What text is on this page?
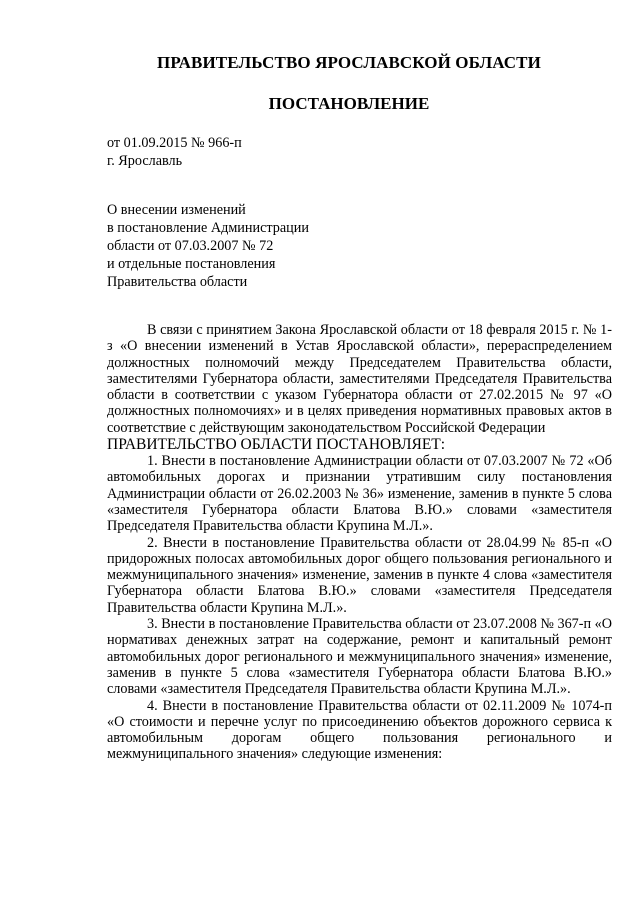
ПРАВИТЕЛЬСТВО ЯРОСЛАВСКОЙ ОБЛАСТИ
ПОСТАНОВЛЕНИЕ
от 01.09.2015 № 966-п
г. Ярославль
О внесении изменений
в постановление Администрации
области от 07.03.2007 № 72
и отдельные постановления
Правительства области

В связи с принятием Закона Ярославской области от 18 февраля 2015 г. № 1-з «О внесении изменений в Устав Ярославской области», перераспределением должностных полномочий между Председателем Правительства области, заместителями Губернатора области, заместителями Председателя Правительства области в соответствии с указом Губернатора области от 27.02.2015 № 97 «О должностных полномочиях» и в целях приведения нормативных правовых актов в соответствие с действующим законодательством Российской Федерации

ПРАВИТЕЛЬСТВО ОБЛАСТИ ПОСТАНОВЛЯЕТ:

1. Внести в постановление Администрации области от 07.03.2007 № 72 «Об автомобильных дорогах и признании утратившим силу постановления Администрации области от 26.02.2003 № 36» изменение, заменив в пункте 5 слова «заместителя Губернатора области Блатова В.Ю.» словами «заместителя Председателя Правительства области Крупина М.Л.».

2. Внести в постановление Правительства области от 28.04.99 № 85-п «О придорожных полосах автомобильных дорог общего пользования регионального и межмуниципального значения» изменение, заменив в пункте 4 слова «заместителя Губернатора области Блатова В.Ю.» словами «заместителя Председателя Правительства области Крупина М.Л.».

3. Внести в постановление Правительства области от 23.07.2008 № 367-п «О нормативах денежных затрат на содержание, ремонт и капитальный ремонт автомобильных дорог регионального и межмуниципального значения» изменение, заменив в пункте 5 слова «заместителя Губернатора области Блатова В.Ю.» словами «заместителя Председателя Правительства области Крупина М.Л.».

4. Внести в постановление Правительства области от 02.11.2009 № 1074-п «О стоимости и перечне услуг по присоединению объектов дорожного сервиса к автомобильным дорогам общего пользования регионального и межмуниципального значения» следующие изменения:
